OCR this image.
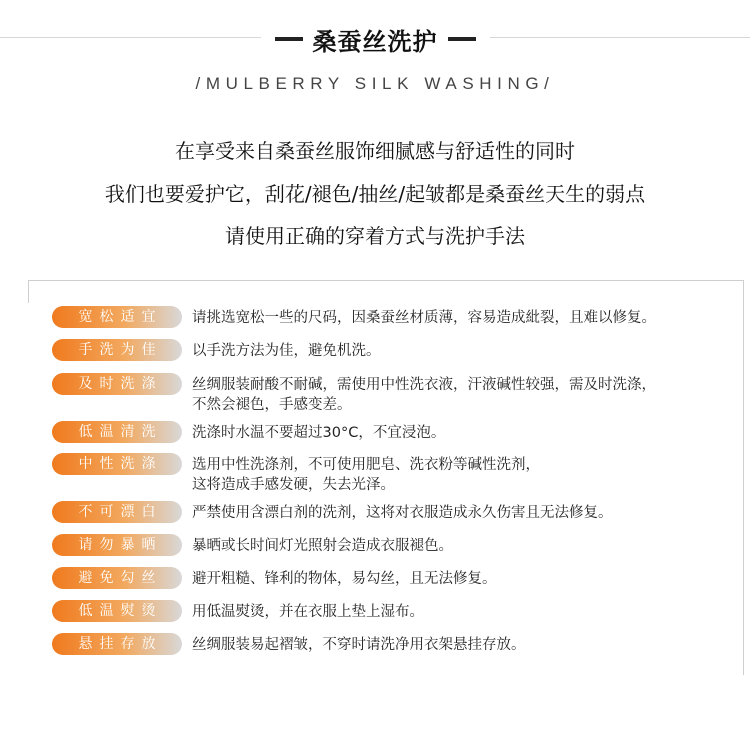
桑蚕丝洗护
/MULBERRY SILK WASHING/
在享受来自桑蚕丝服饰细腻感与舒适性的同时
我们也要爱护它，刮花/褪色/抽丝/起皱都是桑蚕丝天生的弱点
请使用正确的穿着方式与洗护手法
宽松适宜	请挑选宽松一些的尺码，因桑蚕丝材质薄，容易造成紕裂，且难以修复。
手洗为佳	以手洗方法为佳，避免机洗。
及时洗涤	丝绸服装耐酸不耐碱，需使用中性洗衣液，汗液碱性较强，需及时洗涤，
不然会褪色，手感变差。
低温清洗	洗涤时水温不要超过30°C，不宜浸泡。
中性洗涤	选用中性洗涤剂，不可使用肥皂、洗衣粉等碱性洗剂，
这将造成手感发硬，失去光泽。
不可漂白	严禁使用含漂白剂的洗剂，这将对衣服造成永久伤害且无法修复。
请勿暴晒	暴晒或长时间灯光照射会造成衣服褪色。
避免勾丝	避开粗糙、锋利的物体，易勾丝，且无法修复。
低温熨烫	用低温熨烫，并在衣服上垫上湿布。
悬挂存放	丝绸服装易起褶皱，不穿时请洗净用衣架悬挂存放。
